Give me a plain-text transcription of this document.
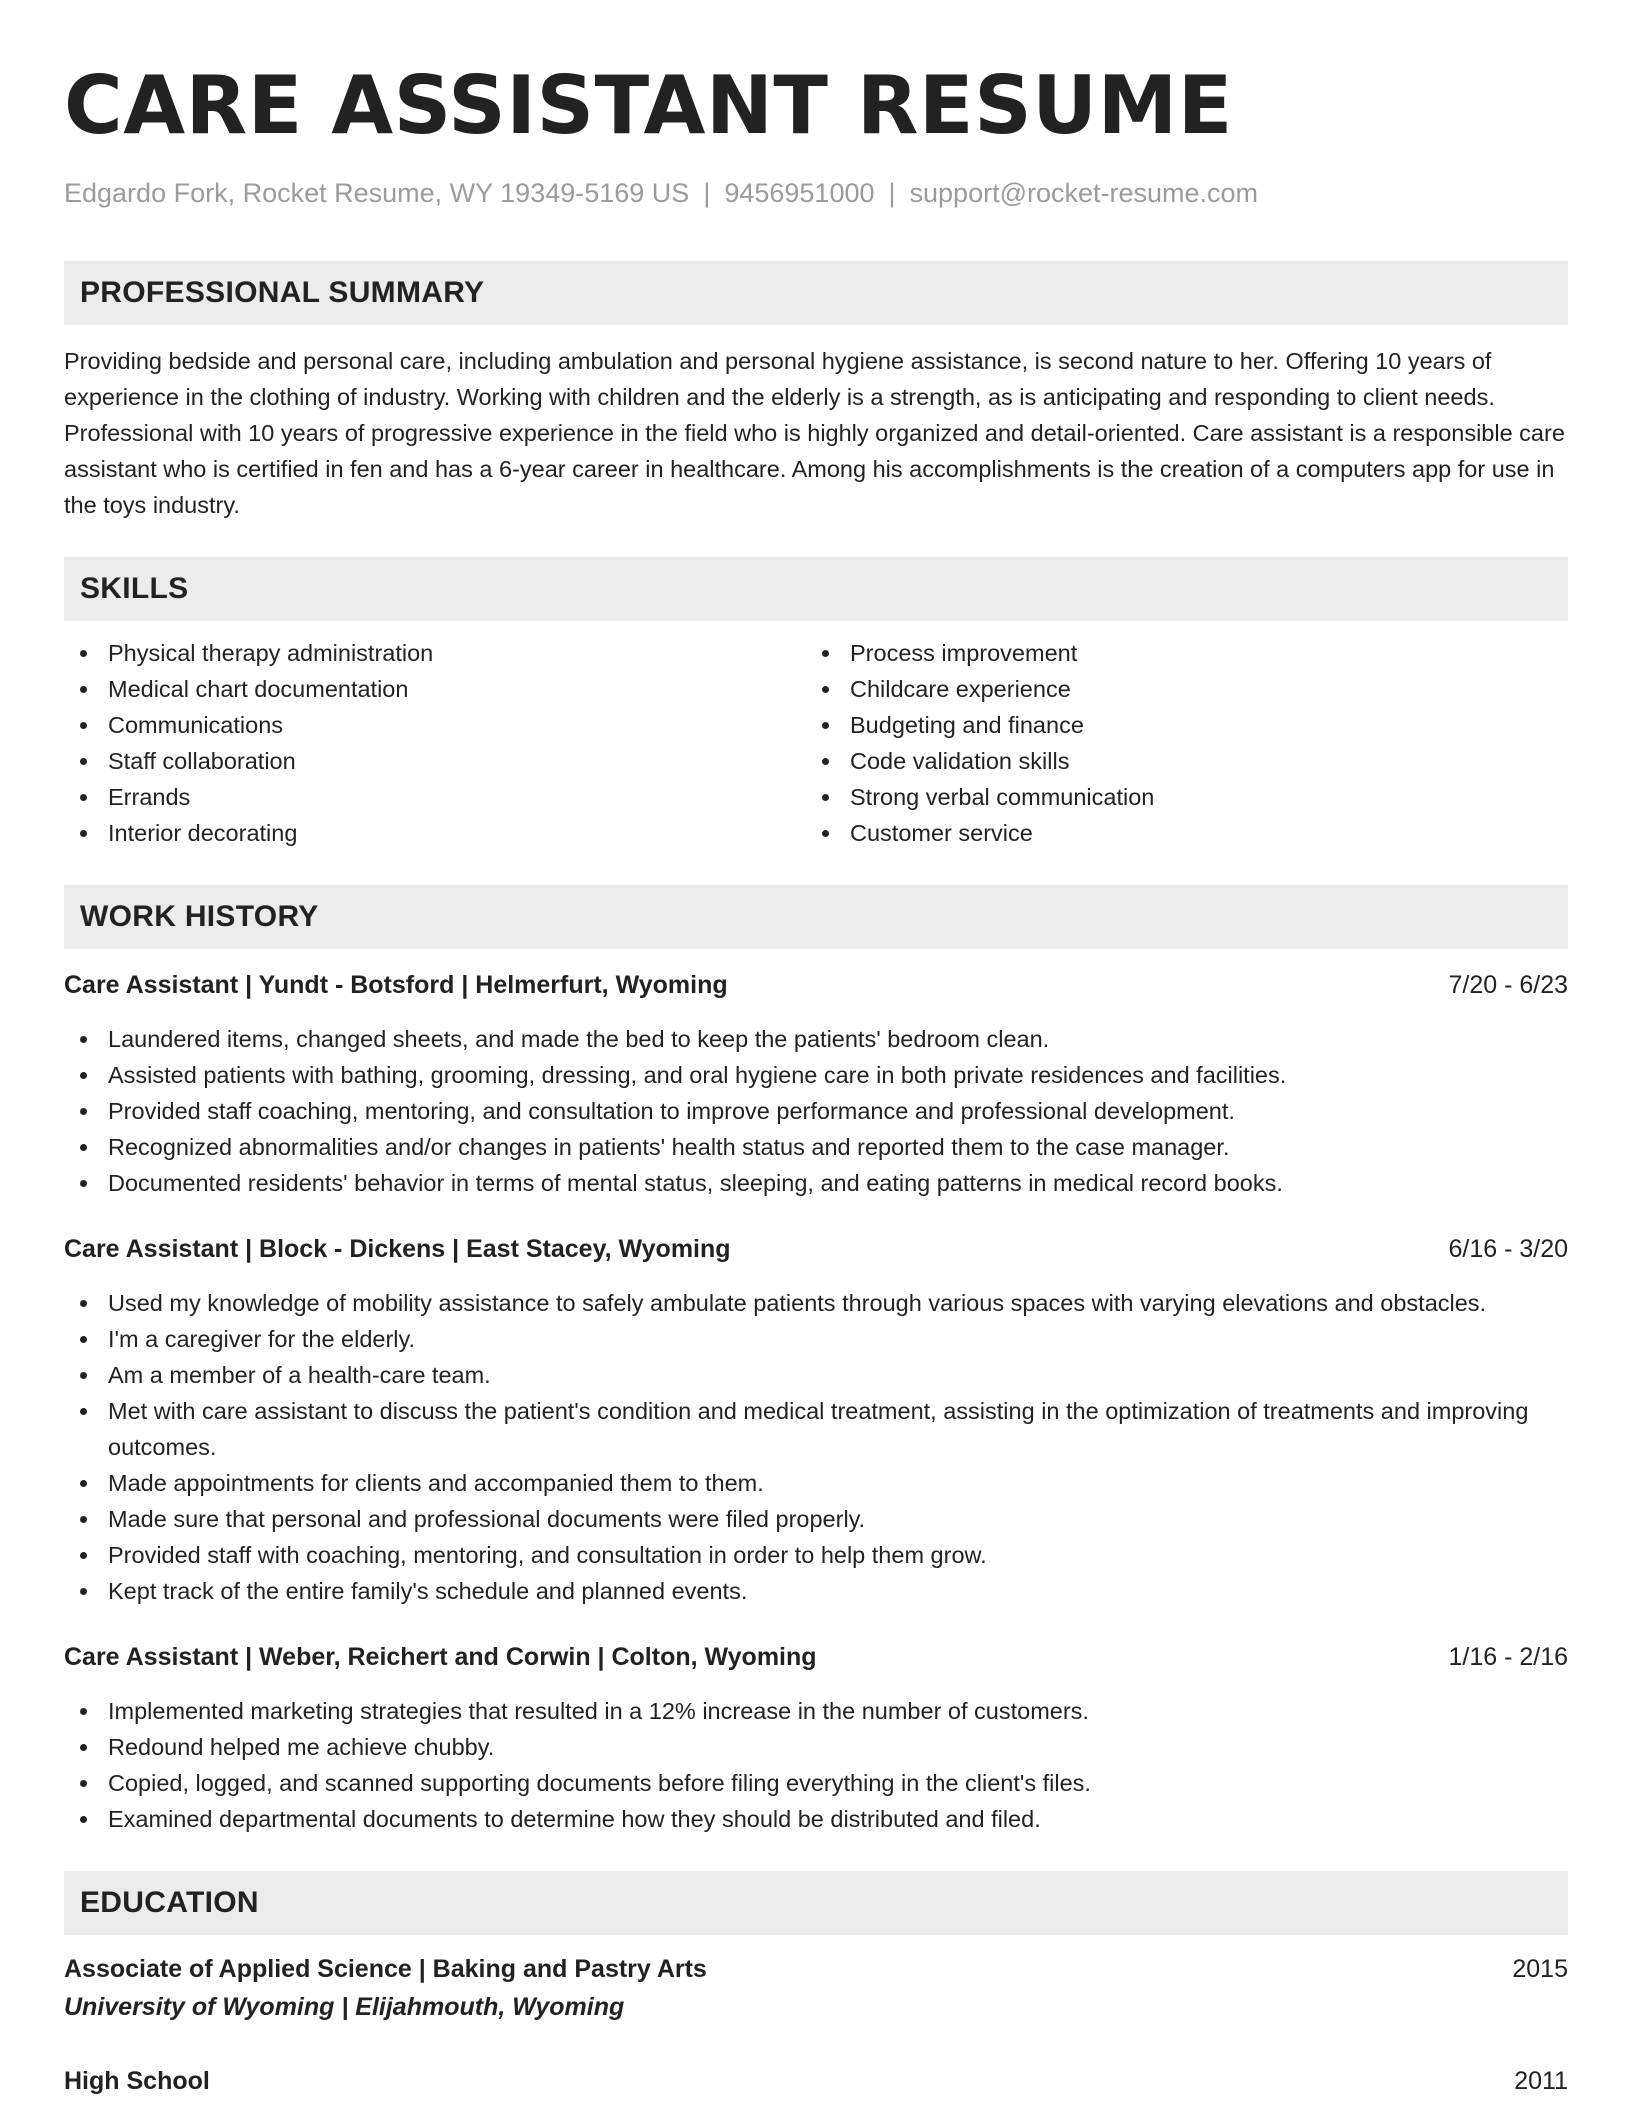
CARE ASSISTANT RESUME
Edgardo Fork, Rocket Resume, WY 19349-5169 US | 9456951000 | support@rocket-resume.com
PROFESSIONAL SUMMARY
Providing bedside and personal care, including ambulation and personal hygiene assistance, is second nature to her. Offering 10 years of experience in the clothing of industry. Working with children and the elderly is a strength, as is anticipating and responding to client needs. Professional with 10 years of progressive experience in the field who is highly organized and detail-oriented. Care assistant is a responsible care assistant who is certified in fen and has a 6-year career in healthcare. Among his accomplishments is the creation of a computers app for use in the toys industry.
SKILLS
Physical therapy administration
Medical chart documentation
Communications
Staff collaboration
Errands
Interior decorating
Process improvement
Childcare experience
Budgeting and finance
Code validation skills
Strong verbal communication
Customer service
WORK HISTORY
Care Assistant | Yundt - Botsford | Helmerfurt, Wyoming	7/20 - 6/23
Laundered items, changed sheets, and made the bed to keep the patients' bedroom clean.
Assisted patients with bathing, grooming, dressing, and oral hygiene care in both private residences and facilities.
Provided staff coaching, mentoring, and consultation to improve performance and professional development.
Recognized abnormalities and/or changes in patients' health status and reported them to the case manager.
Documented residents' behavior in terms of mental status, sleeping, and eating patterns in medical record books.
Care Assistant | Block - Dickens | East Stacey, Wyoming	6/16 - 3/20
Used my knowledge of mobility assistance to safely ambulate patients through various spaces with varying elevations and obstacles.
I'm a caregiver for the elderly.
Am a member of a health-care team.
Met with care assistant to discuss the patient's condition and medical treatment, assisting in the optimization of treatments and improving outcomes.
Made appointments for clients and accompanied them to them.
Made sure that personal and professional documents were filed properly.
Provided staff with coaching, mentoring, and consultation in order to help them grow.
Kept track of the entire family's schedule and planned events.
Care Assistant | Weber, Reichert and Corwin | Colton, Wyoming	1/16 - 2/16
Implemented marketing strategies that resulted in a 12% increase in the number of customers.
Redound helped me achieve chubby.
Copied, logged, and scanned supporting documents before filing everything in the client's files.
Examined departmental documents to determine how they should be distributed and filed.
EDUCATION
Associate of Applied Science | Baking and Pastry Arts	2015
University of Wyoming | Elijahmouth, Wyoming
High School	2011
